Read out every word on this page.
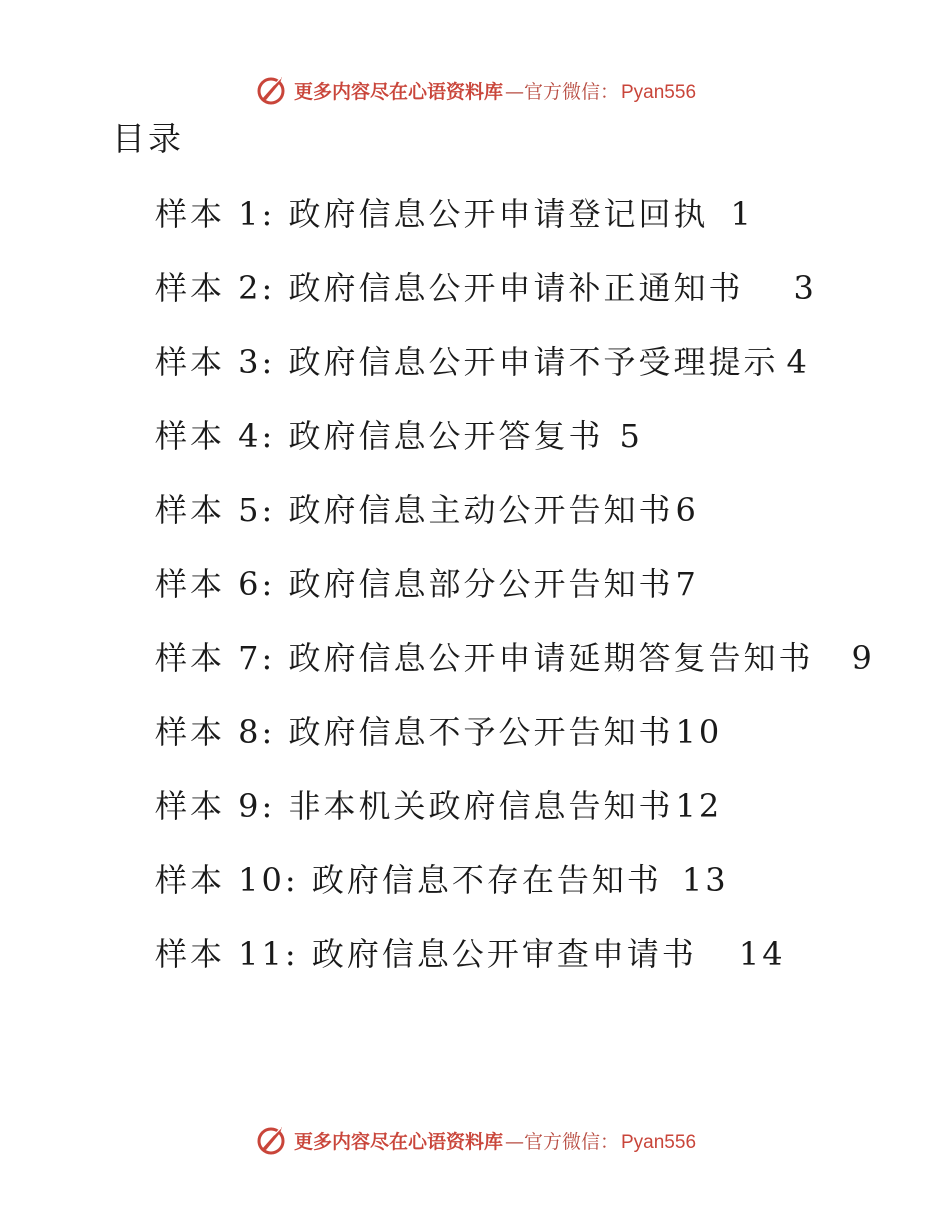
更多内容尽在心语资料库 —官方微信： Pyan556
目录
样本 1: 政府信息公开申请登记回执 1
样本 2: 政府信息公开申请补正通知书 3
样本 3: 政府信息公开申请不予受理提示 4
样本 4: 政府信息公开答复书 5
样本 5: 政府信息主动公开告知书 6
样本 6: 政府信息部分公开告知书 7
样本 7: 政府信息公开申请延期答复告知书 9
样本 8: 政府信息不予公开告知书 10
样本 9: 非本机关政府信息告知书 12
样本 10: 政府信息不存在告知书 13
样本 11: 政府信息公开审查申请书 14
更多内容尽在心语资料库 —官方微信： Pyan556
